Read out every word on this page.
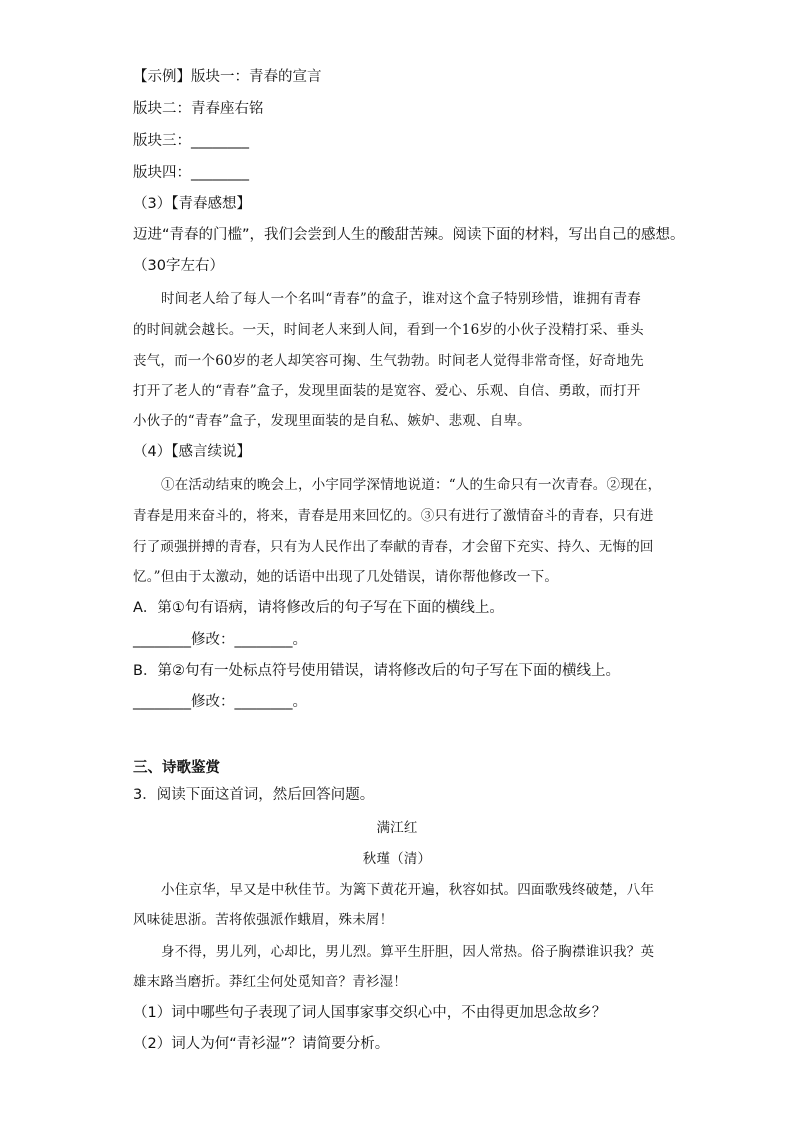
【示例】版块一：青春的宣言
版块二：青春座右铭
版块三：________
版块四：________
（3）【青春感想】
迈进“青春的门槛”，我们会尝到人生的酸甜苦辣。阅读下面的材料，写出自己的感想。
（30字左右）
时间老人给了每人一个名叫“青春”的盒子，谁对这个盒子特别珍惜，谁拥有青春
的时间就会越长。一天，时间老人来到人间，看到一个16岁的小伙子没精打采、垂头
丧气，而一个60岁的老人却笑容可掬、生气勃勃。时间老人觉得非常奇怪，好奇地先
打开了老人的“青春”盒子，发现里面装的是宽容、爱心、乐观、自信、勇敢，而打开
小伙子的“青春”盒子，发现里面装的是自私、嫉妒、悲观、自卑。
（4）【感言续说】
①在活动结束的晚会上，小宇同学深情地说道：“人的生命只有一次青春。②现在，
青春是用来奋斗的，将来，青春是用来回忆的。③只有进行了激情奋斗的青春，只有进
行了顽强拼搏的青春，只有为人民作出了奉献的青春，才会留下充实、持久、无悔的回
忆。”但由于太激动，她的话语中出现了几处错误，请你帮他修改一下。
A．第①句有语病，请将修改后的句子写在下面的横线上。
________修改：________。
B．第②句有一处标点符号使用错误，请将修改后的句子写在下面的横线上。
________修改：________。
三、诗歌鉴赏
3．阅读下面这首词，然后回答问题。
满江红
秋瑾（清）
小住京华，早又是中秋佳节。为篱下黄花开遍，秋容如拭。四面歌残终破楚，八年
风味徒思浙。苦将侬强派作蛾眉，殊未屑！
身不得，男儿列，心却比，男儿烈。算平生肝胆，因人常热。俗子胸襟谁识我？英
雄末路当磨折。莽红尘何处觅知音？青衫湿！
（1）词中哪些句子表现了词人国事家事交织心中，不由得更加思念故乡？
（2）词人为何“青衫湿”？请简要分析。
